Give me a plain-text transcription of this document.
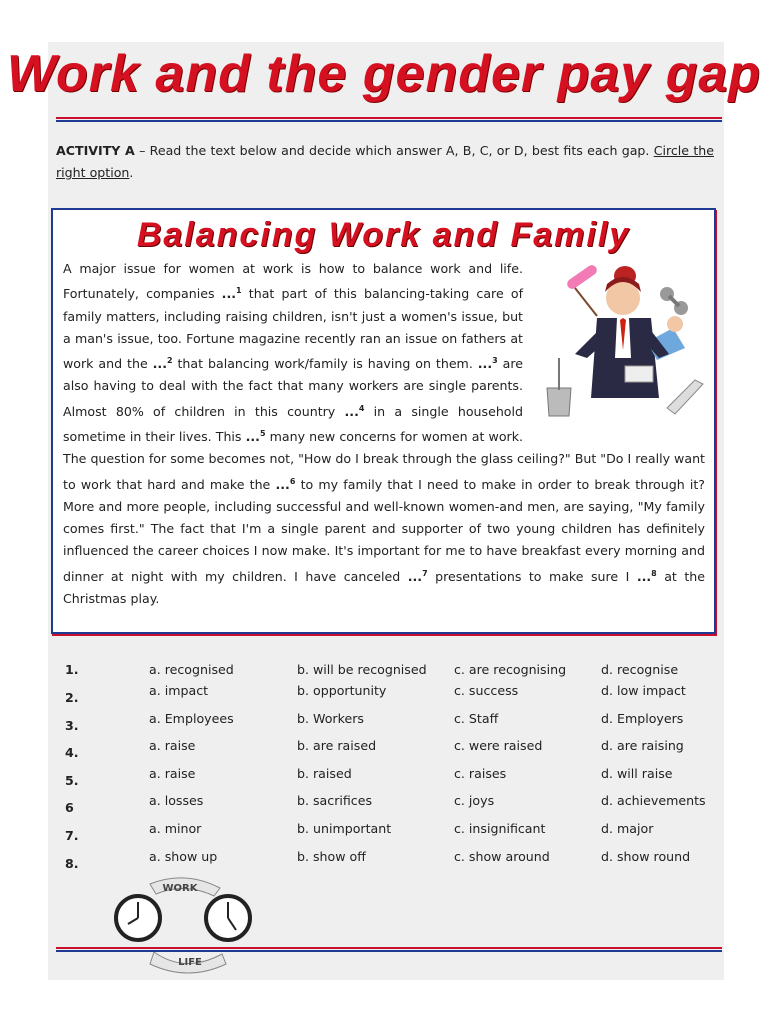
Work and the gender pay gap
ACTIVITY A – Read the text below and decide which answer A, B, C, or D, best fits each gap. Circle the right option.
Balancing Work and Family
A major issue for women at work is how to balance work and life. Fortunately, companies ...$^1$ that part of this balancing-taking care of family matters, including raising children, isn't just a women's issue, but a man's issue, too. Fortune magazine recently ran an issue on fathers at work and the ...$^2$ that balancing work/family is having on them. ...$^3$ are also having to deal with the fact that many workers are single parents. Almost 80% of children in this country ...$^4$ in a single household sometime in their lives. This ...$^5$ many new concerns for women at work. The question for some becomes not, "How do I break through the glass ceiling?" But "Do I really want to work that hard and make the ...$^6$ to my family that I need to make in order to break through it? More and more people, including successful and well-known women-and men, are saying, "My family comes first." The fact that I'm a single parent and supporter of two young children has definitely influenced the career choices I now make. It's important for me to have breakfast every morning and dinner at night with my children. I have canceled ...$^7$ presentations to make sure I ...$^8$ at the Christmas play.
1.	a. recognised	b. will be recognised c. are recognising	d. recognise
2.	a. impact	b. opportunity	c. success	d. low impact
3.	a. Employees	b. Workers	c. Staff	d. Employers
4.	a. raise	b. are raised	c. were raised	d. are raising
5.	a. raise	b. raised	c. raises	d. will raise
6	a. losses	b. sacrifices	c. joys	d. achievements
7.	a. minor	b. unimportant	c. insignificant	d. major
8.	a. show up	b. show off	c. show around	d. show round
WORK
LIFE
